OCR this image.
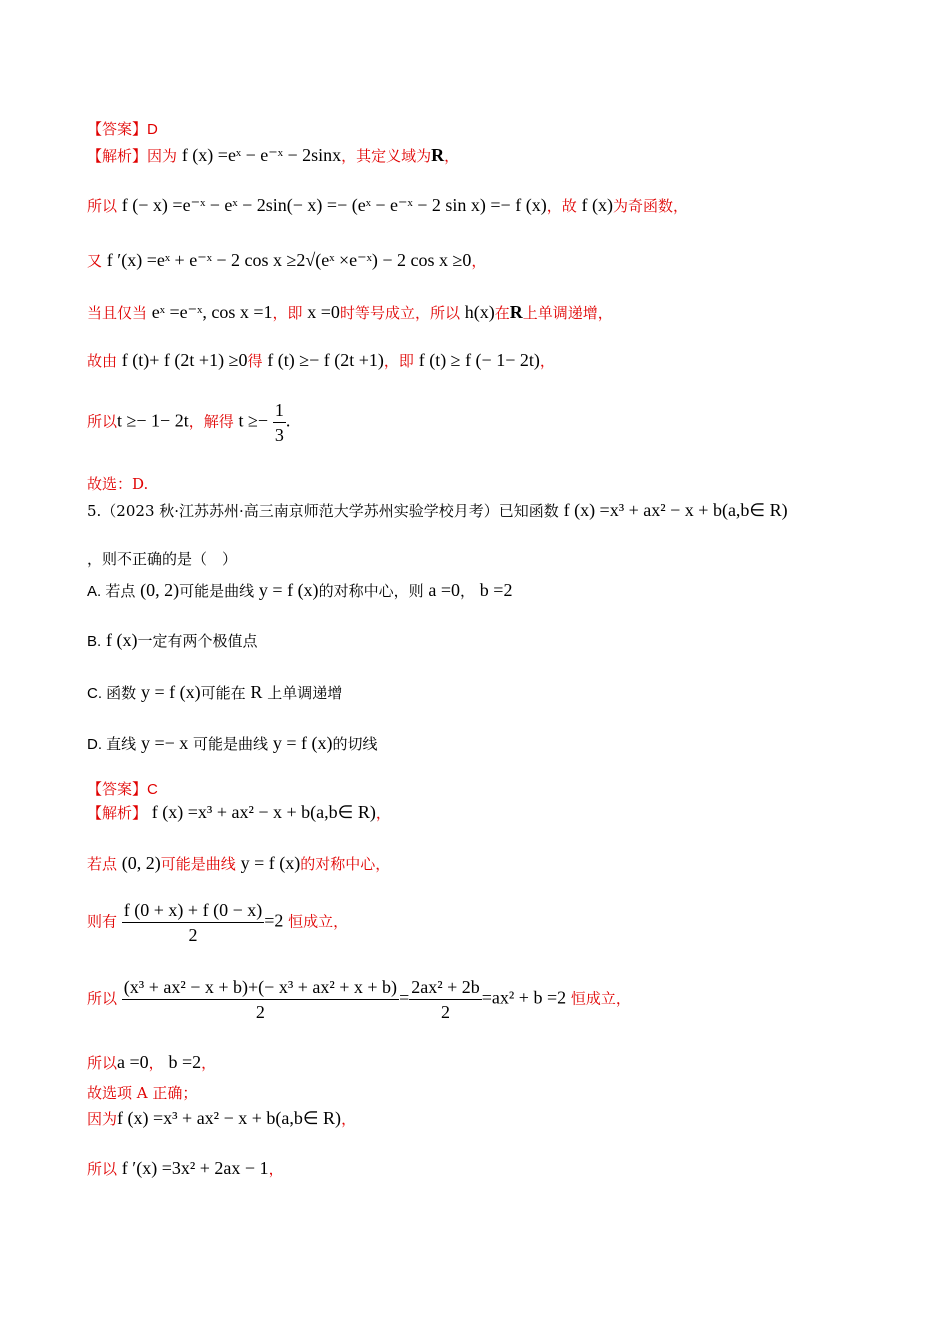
【答案】D
【解析】因为 f (x) =eˣ − e⁻ˣ − 2sinx，其定义域为R，
所以 f (− x) =e⁻ˣ − eˣ − 2sin(− x) =− (eˣ − e⁻ˣ − 2 sin x) =− f (x)，故 f (x)为奇函数，
又 f ′(x) =eˣ + e⁻ˣ − 2 cos x ≥2√(eˣ ×e⁻ˣ) − 2 cos x ≥0，
当且仅当 eˣ =e⁻ˣ, cos x =1，即 x =0时等号成立，所以 h(x)在R上单调递增，
故由 f (t)+ f (2t +1) ≥0得 f (t) ≥− f (2t +1)，即 f (t) ≥ f (− 1− 2t)，
所以t ≥− 1− 2t，解得 $t \ge- \frac{1}{3}$ .
故选：D.
5.（2023 秋·江苏苏州·高三南京师范大学苏州实验学校月考）已知函数 f (x) =x³ + ax² − x + b(a,b∈ R)
，则不正确的是（　）
A. 若点 (0, 2)可能是曲线 y = f (x)的对称中心，则 a =0， b =2
B. f (x)一定有两个极值点
C. 函数 y = f (x)可能在 R 上单调递增
D. 直线 y =− x 可能是曲线 y = f (x)的切线
【答案】C
【解析】 f (x) =x³ + ax² − x + b(a,b∈ R)，
若点 (0, 2)可能是曲线 y = f (x)的对称中心，
则有 $\frac{f (0 + x) + f (0 - x)}{2} =2$ 恒成立，
所以 $\frac{\text{(x³ + ax² − x + b)+(− x³ + ax² + x + b)}}{2} = \frac{\text{2ax² + 2b}}{2} =ax^2 + b =2$ 恒成立，
所以a =0， b =2，
故选项 A 正确；
因为f (x) =x³ + ax² − x + b(a,b∈ R)，
所以 f ′(x) =3x² + 2ax − 1，
